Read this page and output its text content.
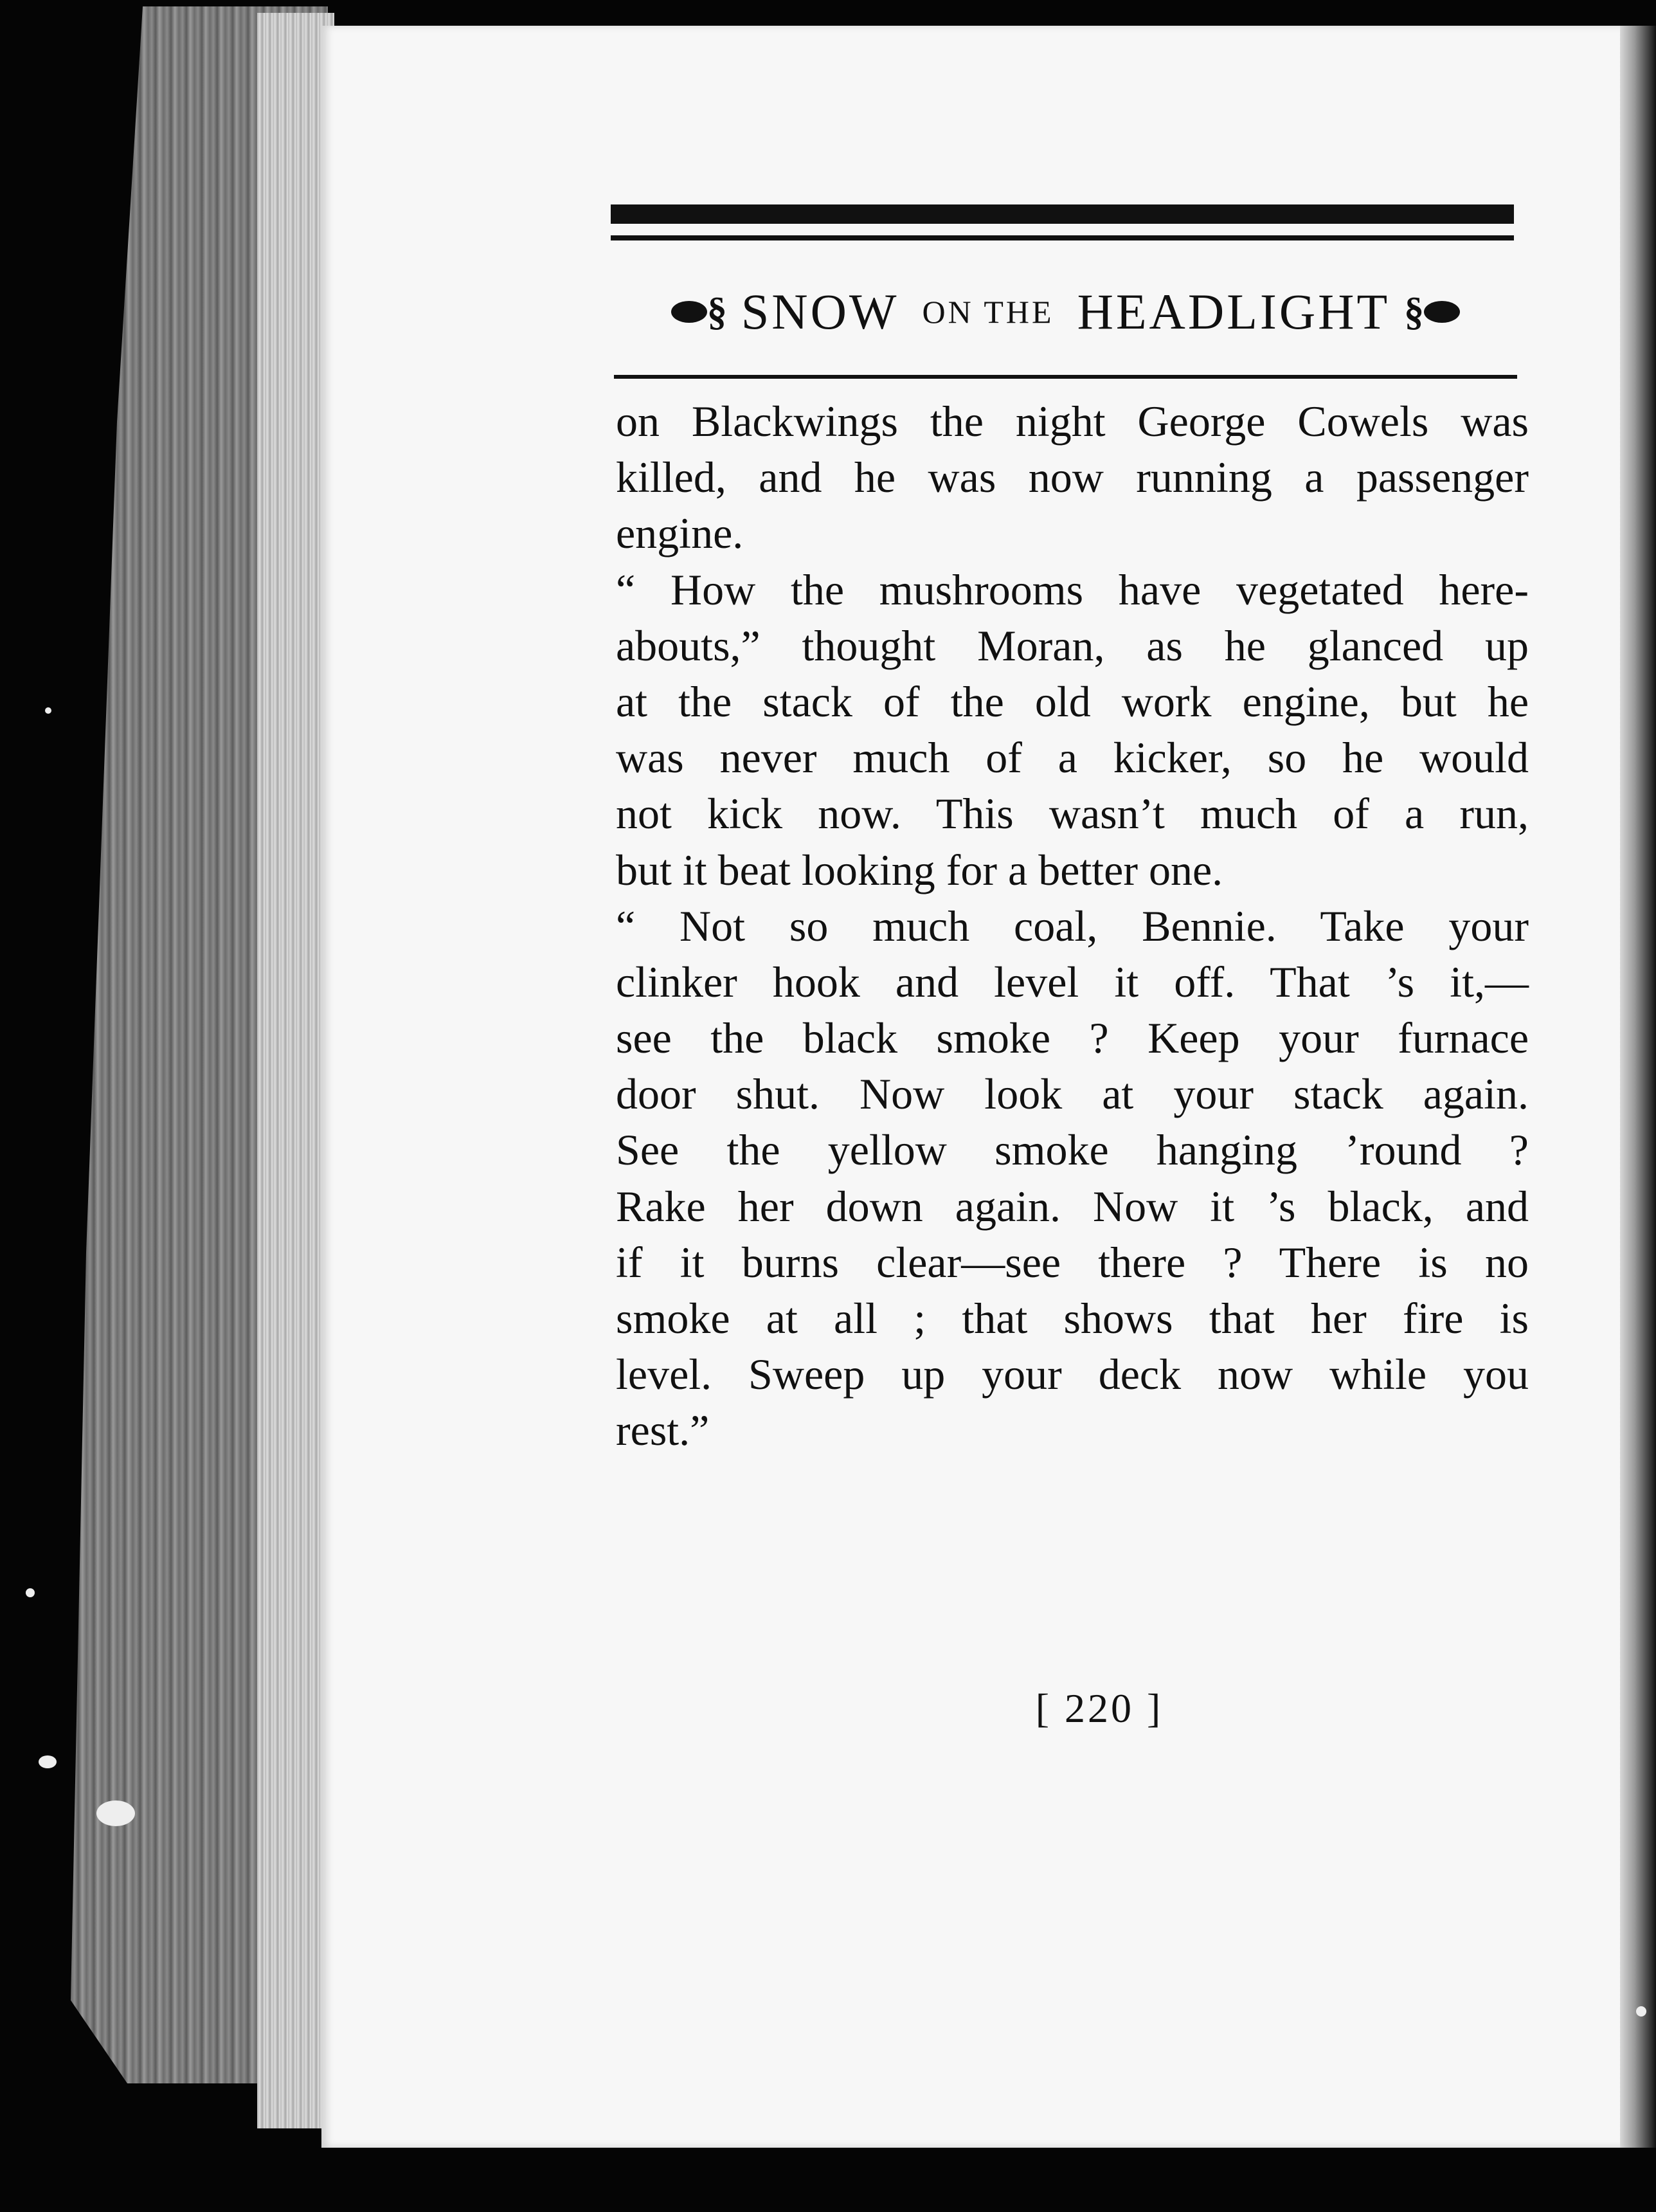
§ SNOW ON THE HEADLIGHT §
on Blackwings the night George Cowels was
killed, and he was now running a passenger
engine.
“ How the mushrooms have vegetated here-
abouts,” thought Moran, as he glanced up
at the stack of the old work engine, but he
was never much of a kicker, so he would
not kick now. This wasn’t much of a run,
but it beat looking for a better one.
“ Not so much coal, Bennie. Take your
clinker hook and level it off. That ’s it,—
see the black smoke ? Keep your furnace
door shut. Now look at your stack again.
See the yellow smoke hanging ’round ?
Rake her down again. Now it ’s black, and
if it burns clear—see there ? There is no
smoke at all ; that shows that her fire is
level. Sweep up your deck now while you
rest.”
[ 220 ]
